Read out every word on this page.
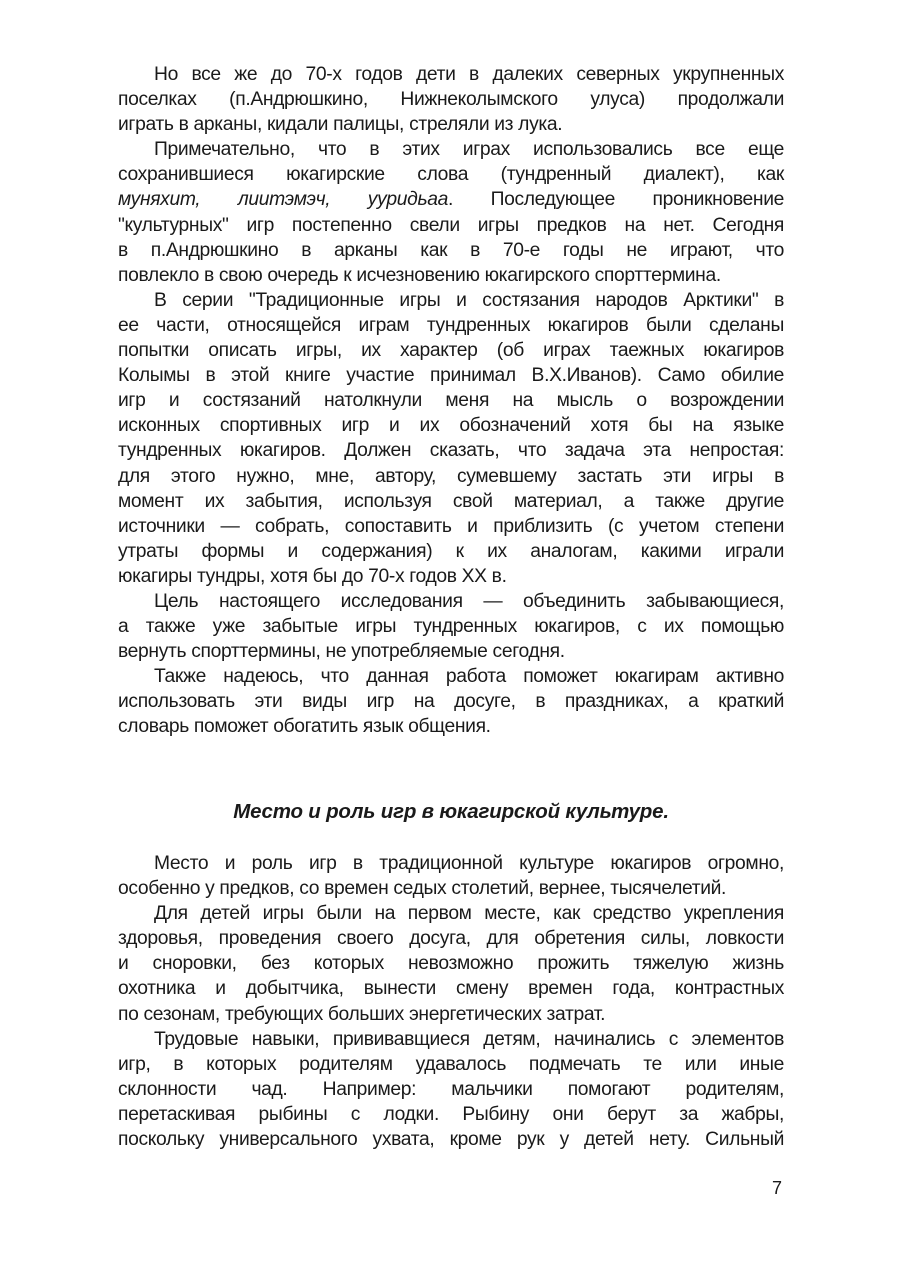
Но все же до 70-х годов дети в далеких северных укрупненных
поселках (п.Андрюшкино, Нижнеколымского улуса) продолжали
играть в арканы, кидали палицы, стреляли из лука.
Примечательно, что в этих играх использовались все еще
сохранившиеся юкагирские слова (тундренный диалект), как
муняхит, лиитэмэч, ууридьаа. Последующее проникновение
"культурных" игр постепенно свели игры предков на нет. Сегодня
в п.Андрюшкино в арканы как в 70-е годы не играют, что
повлекло в свою очередь к исчезновению юкагирского спорттермина.
В серии "Традиционные игры и состязания народов Арктики" в
ее части, относящейся играм тундренных юкагиров были сделаны
попытки описать игры, их характер (об играх таежных юкагиров
Колымы в этой книге участие принимал В.Х.Иванов). Само обилие
игр и состязаний натолкнули меня на мысль о возрождении
исконных спортивных игр и их обозначений хотя бы на языке
тундренных юкагиров. Должен сказать, что задача эта непростая:
для этого нужно, мне, автору, сумевшему застать эти игры в
момент их забытия, используя свой материал, а также другие
источники — собрать, сопоставить и приблизить (с учетом степени
утраты формы и содержания) к их аналогам, какими играли
юкагиры тундры, хотя бы до 70-х годов XX в.
Цель настоящего исследования — объединить забывающиеся,
а также уже забытые игры тундренных юкагиров, с их помощью
вернуть спорттермины, не употребляемые сегодня.
Также надеюсь, что данная работа поможет юкагирам активно
использовать эти виды игр на досуге, в праздниках, а краткий
словарь поможет обогатить язык общения.
Место и роль игр в юкагирской культуре.
Место и роль игр в традиционной культуре юкагиров огромно,
особенно у предков, со времен седых столетий, вернее, тысячелетий.
Для детей игры были на первом месте, как средство укрепления
здоровья, проведения своего досуга, для обретения силы, ловкости
и сноровки, без которых невозможно прожить тяжелую жизнь
охотника и добытчика, вынести смену времен года, контрастных
по сезонам, требующих больших энергетических затрат.
Трудовые навыки, прививавщиеся детям, начинались с элементов
игр, в которых родителям удавалось подмечать те или иные
склонности чад. Например: мальчики помогают родителям,
перетаскивая рыбины с лодки. Рыбину они берут за жабры,
поскольку универсального ухвата, кроме рук у детей нету. Сильный
7
